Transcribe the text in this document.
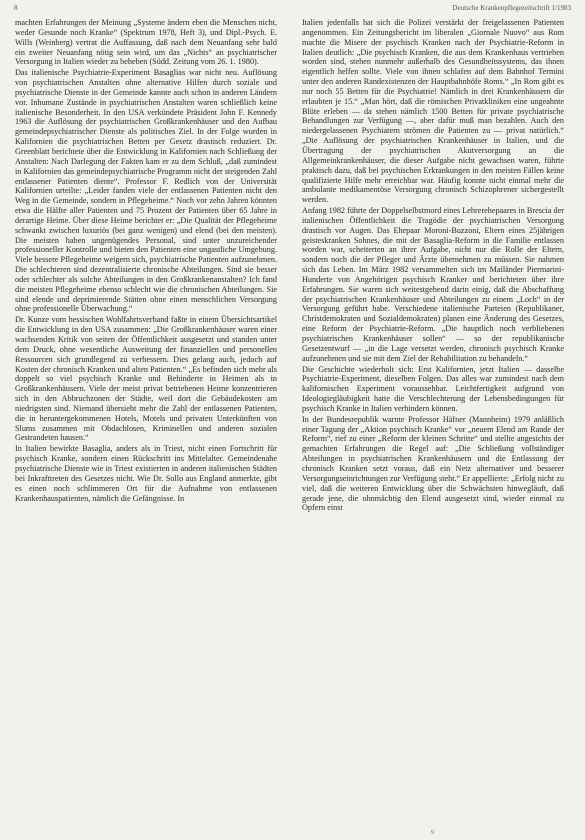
8	Deutsche Krankenpflegezeitschrift 1/1983

machten Erfahrungen der Meinung „Systeme ändern eben die Menschen nicht, weder Gesunde noch Kranke“ (Spektrum 1978, Heft 3), und Dipl.-Psych. E. Wills (Weinberg) vertrat die Auffassung, daß nach dem Neuanfang sehr bald ein zweiter Neuanfang nötig sein wird, um das „Nichts“ an psychiatrischer Versorgung in Italien wieder zu beheben (Südd. Zeitung vom 26. 1. 1980).

Das italienische Psychiatrie-Experiment Basaglias war nicht neu. Auflösung von psychiatrischen Anstalten ohne alternative Hilfen durch soziale und psychiatrische Dienste in der Gemeinde kannte auch schon in anderen Ländern vor. Inhumane Zustände in psychiatrischen Anstalten waren schließlich keine italienische Besonderheit. In den USA verkündete Präsident John F. Kennedy 1963 die Auflösung der psychiatrischen Großkrankenhäuser und den Aufbau gemeindepsychiatrischer Dienste als politisches Ziel. In der Folge wurden in Kalifornien die psychiatrischen Betten per Gesetz drastisch reduziert. Dr. Greenblatt berichtete über die Entwicklung in Kalifornien nach Schließung der Anstalten: Nach Darlegung der Fakten kam er zu dem Schluß, „daß zumindest in Kalifornien das gemeindepsychiatrische Programm nicht der steigenden Zahl entlassener Patienten diente“. Professor F. Redlich von der Universität Kalifornien urteilte: „Leider fanden viele der entlassenen Patienten nicht den Weg in die Gemeinde, sondern in Pflegeheime.“ Noch vor zehn Jahren könnten etwa die Hälfte aller Patienten und 75 Prozent der Patienten über 65 Jahre in derartige Heime. Über diese Heime berichtet er: „Die Qualität der Pflegeheime schwankt zwischen luxuriös (bei ganz wenigen) und elend (bei den meisten). Die meisten haben ungenügendes Personal, sind unter unzureichender professioneller Kontrolle und bieten den Patienten eine ungastliche Umgebung. Viele bessere Pflegeheime weigern sich, psychiatrische Patienten aufzunehmen. Die schlechteren sind dezentralisierte chronische Abteilungen. Sind sie besser oder schlechter als solche Abteilungen in den Großkrankenanstalten? Ich fand die meisten Pflegeheime ebenso schlecht wie die chronischen Abteilungen. Sie sind elende und deprimierende Stätten ohne einen menschlichen Versorgung ohne professionelle Überwachung.“

Dr. Kunze vom hessischen Wohlfahrtsverband faßte in einem Übersichtsartikel die Entwicklung in den USA zusammen: „Die Großkrankenhäuser waren einer wachsenden Kritik von seiten der Öffentlichkeit ausgesetzt und standen unter dem Druck, ohne wesentliche Ausweitung der finanziellen und personellen Ressourcen sich grundlegend zu verbessern. Dies gelang auch, jedoch auf Kosten der chronisch Kranken und alten Patienten.“ „Es befinden sich mehr als doppelt so viel psychisch Kranke und Behinderte in Heimen als in Großkrankenhäusern. Viele der meist privat betriebenen Heime konzentrieren sich in den Abbruchzonen der Städte, weil dort die Gebäudekosten am niedrigsten sind. Niemand übersieht mehr die Zahl der entlassenen Patienten, die in heruntergekommenen Hotels, Motels und privaten Unterkünften von Slums zusammen mit Obdachlosen, Kriminellen und anderen sozialen Gestrandeten hausen.“

In Italien bewirkte Basaglia, anders als in Triest, nicht einen Fortschritt für psychisch Kranke, sondern einen Rückschritt ins Mittelalter. Gemeindenahe psychiatrische Dienste wie in Triest existierten in anderen italienischen Städten bei Inkrafttreten des Gesetzes nicht. Wie Dr. Sollo aus England anmerkte, gibt es einen noch schlimmeren Ort für die Aufnahme von entlassenen Krankenhauspatienten, nämlich die Gefängnisse. In

Italien jedenfalls hat sich die Polizei verstärkt der freigelassenen Patienten angenommen. Ein Zeitungsbericht im liberalen „Giornale Nuovo“ aus Rom machte die Misere der psychisch Kranken nach der Psychiatrie-Reform in Italien deutlich: „Die psychisch Kranken, die aus dem Krankenhaus vertrieben worden sind, stehen nunmehr außerhalb des Gesundheitssystems, das ihnen eigentlich helfen sollte. Viele von ihnen schlafen auf dem Bahnhof Termini unter den anderen Randexistenzen der Hauptbahnhöfe Roms.“ „In Rom gibt es nur noch 55 Betten für die Psychiatrie! Nämlich in drei Krankenhäusern die erlaubten je 15.“ „Man hört, daß die römischen Privatkliniken eine ungeahnte Blüte erleben — da stehen nämlich 1500 Betten für private psychiatrische Behandlungen zur Verfügung —, aber dafür muß man bezahlen. Auch den niedergelassenen Psychiatern strömen die Patienten zu — privat natürlich.“ „Die Auflösung der psychiatrischen Krankenhäuser in Italien, und die Übertragung der psychiatrischen Akutversorgung an die Allgemeinkrankenhäuser, die dieser Aufgabe nicht gewachsen waren, führte praktisch dazu, daß bei psychischen Erkrankungen in den meisten Fällen keine qualifizierte Hilfe mehr erreichbar war. Häufig konnte nicht einmal mehr die ambulante medikamentöse Versorgung chronisch Schizophrener sichergestellt werden.

Anfang 1982 führte der Doppelselbstmord eines Lehrerehepaares in Brescia der italienischen Öffentlichkeit die Tragödie der psychiatrischen Versorgung drastisch vor Augen. Das Ehepaar Moroni-Buzzoni, Eltern eines 25jährigen geisteskranken Sohnes, die mit der Basaglia-Reform in die Familie entlassen worden war, scheiterten an ihrer Aufgabe, nicht nur die Rolle der Eltern, sondern noch die der Pfleger und Ärzte übernehmen zu müssen. Sie nahmen sich das Leben. Im März 1982 versammelten sich im Mailänder Piermarini-Hunderte von Angehörigen psychisch Kranker und berichteten über ihre Erfahrungen. Sie waren sich weitestgehend darin einig, daß die Abschaffung der psychiatrischen Krankenhäuser und Abteilungen zu einem „Loch“ in der Versorgung geführt habe. Verschiedene italienische Parteien (Republikaner, Christdemokraten und Sozialdemokraten) planen eine Änderung des Gesetzes, eine Reform der Psychiatrie-Reform. „Die hauptlich noch verbliebenen psychiatrischen Krankenhäuser sollen“ — so der republikanische Gesetzentwurf — „in die Lage versetzt werden, chronisch psychisch Kranke aufzunehmen und sie mit dem Ziel der Rehabilitation zu behandeln.“

Die Geschichte wiederholt sich: Erst Kalifornien, jetzt Italien — dasselbe Psychiatrie-Experiment, dieselben Folgen. Das alles war zumindest nach dem kalifornischen Experiment voraussehbar. Leichtfertigkeit aufgrund von Ideologiegläubigkeit hatte die Verschlechterung der Lebensbedingungen für psychisch Kranke in Italien verhindern können.

In der Bundesrepublik warnte Professor Häfner (Mannheim) 1979 anläßlich einer Tagung der „Aktion psychisch Kranke“ vor „neuem Elend am Rande der Reform“, rief zu einer „Reform der kleinen Schritte“ und stellte angesichts der gemachten Erfahrungen die Regel auf: „Die Schließung vollständiger Abteilungen in psychiatrischen Krankenhäusern und die Entlassung der chronisch Kranken setzt voraus, daß ein Netz alternativer und besserer Versorgungseinrichtungen zur Verfügung steht.“ Er appellierte: „Erfolg nicht zu viel, daß die weiteren Entwicklung über die Schwächsten hinwegläuft, daß gerade jene, die ohnmächtig den Elend ausgesetzt sind, wieder einmal zu Opfern einst

9
